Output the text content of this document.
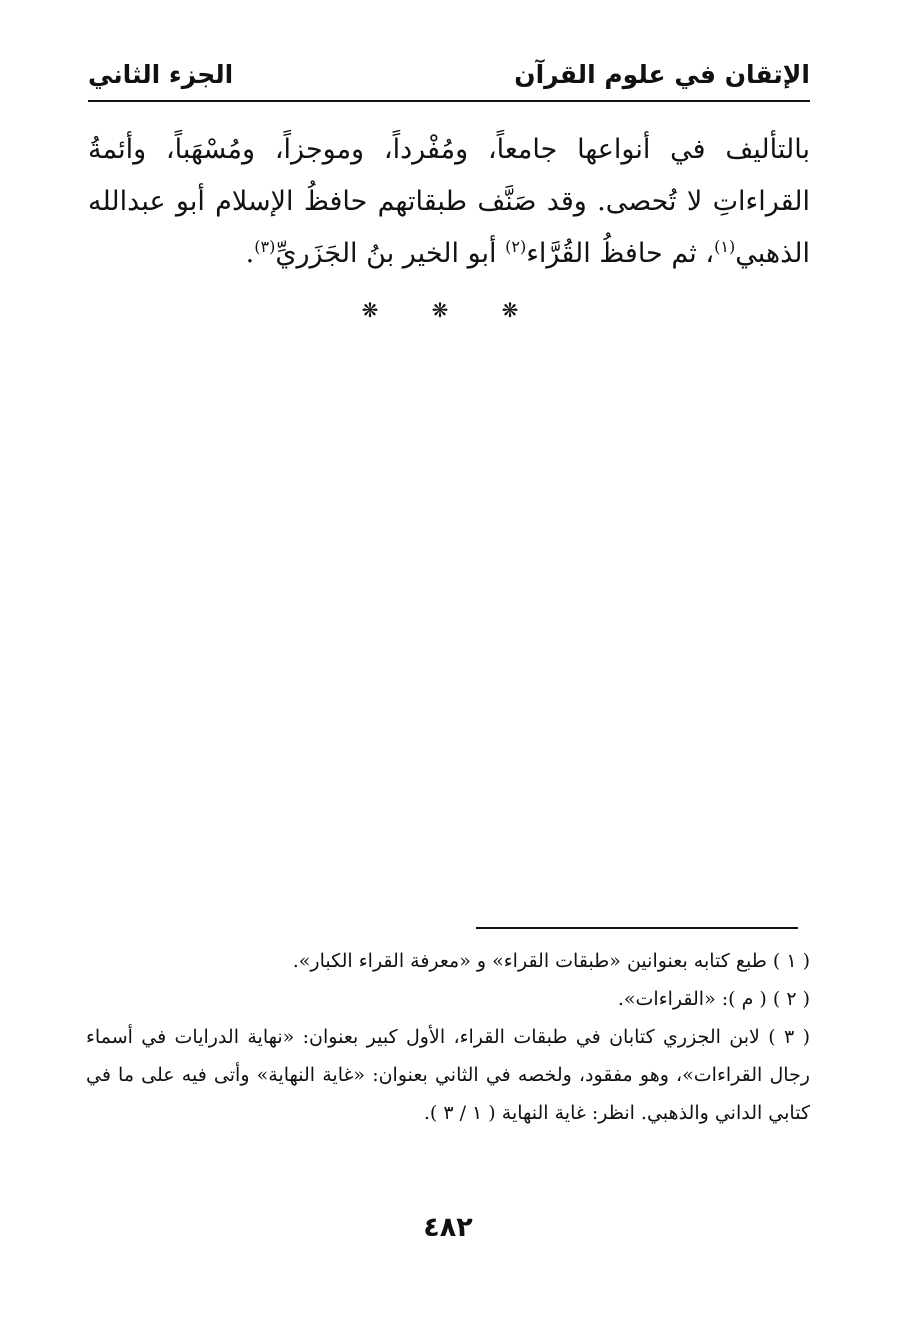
الإتقان في علوم القرآن
الجزء الثاني

بالتأليف في أنواعها جامعاً، ومُفْرداً، وموجزاً، ومُسْهَباً، وأئمةُ القراءاتِ لا تُحصى. وقد صَنَّف طبقاتهم حافظُ الإسلام أبو عبدالله الذهبي$^{(١)}$، ثم حافظُ القُرَّاء$^{(٢)}$ أبو الخير بنُ الجَزَريِّ$^{(٣)}$.

❋	❋	❋

( ١ ) طبع كتابه بعنوانين «طبقات القراء» و «معرفة القراء الكبار».

( ٢ ) ( م ): «القراءات».

( ٣ ) لابن الجزري كتابان في طبقات القراء، الأول كبير بعنوان: «نهاية الدرايات في أسماء رجال القراءات»، وهو مفقود، ولخصه في الثاني بعنوان: «غاية النهاية» وأتى فيه على ما في كتابي الداني والذهبي. انظر: غاية النهاية ( ١ / ٣ ).

٤٨٢
